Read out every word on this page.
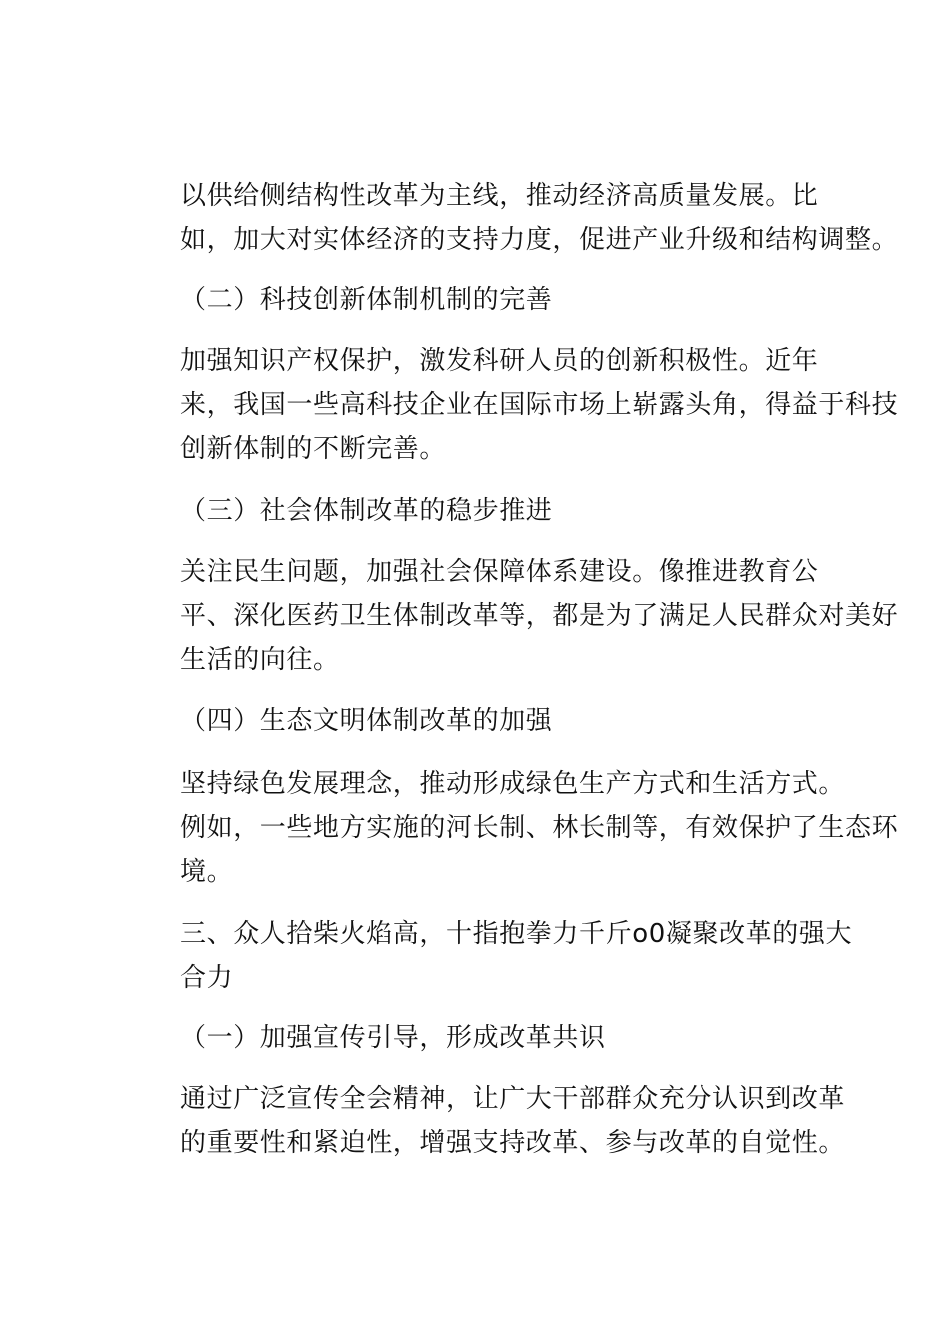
以供给侧结构性改革为主线，推动经济高质量发展。比
如，加大对实体经济的支持力度，促进产业升级和结构调整。
（二）科技创新体制机制的完善
加强知识产权保护，激发科研人员的创新积极性。近年
来，我国一些高科技企业在国际市场上崭露头角，得益于科技
创新体制的不断完善。
（三）社会体制改革的稳步推进
关注民生问题，加强社会保障体系建设。像推进教育公
平、深化医药卫生体制改革等，都是为了满足人民群众对美好
生活的向往。
（四）生态文明体制改革的加强
坚持绿色发展理念，推动形成绿色生产方式和生活方式。
例如，一些地方实施的河长制、林长制等，有效保护了生态环
境。
三、众人拾柴火焰高，十指抱拳力千斤o0凝聚改革的强大
合力
（一）加强宣传引导，形成改革共识
通过广泛宣传全会精神，让广大干部群众充分认识到改革
的重要性和紧迫性，增强支持改革、参与改革的自觉性。
